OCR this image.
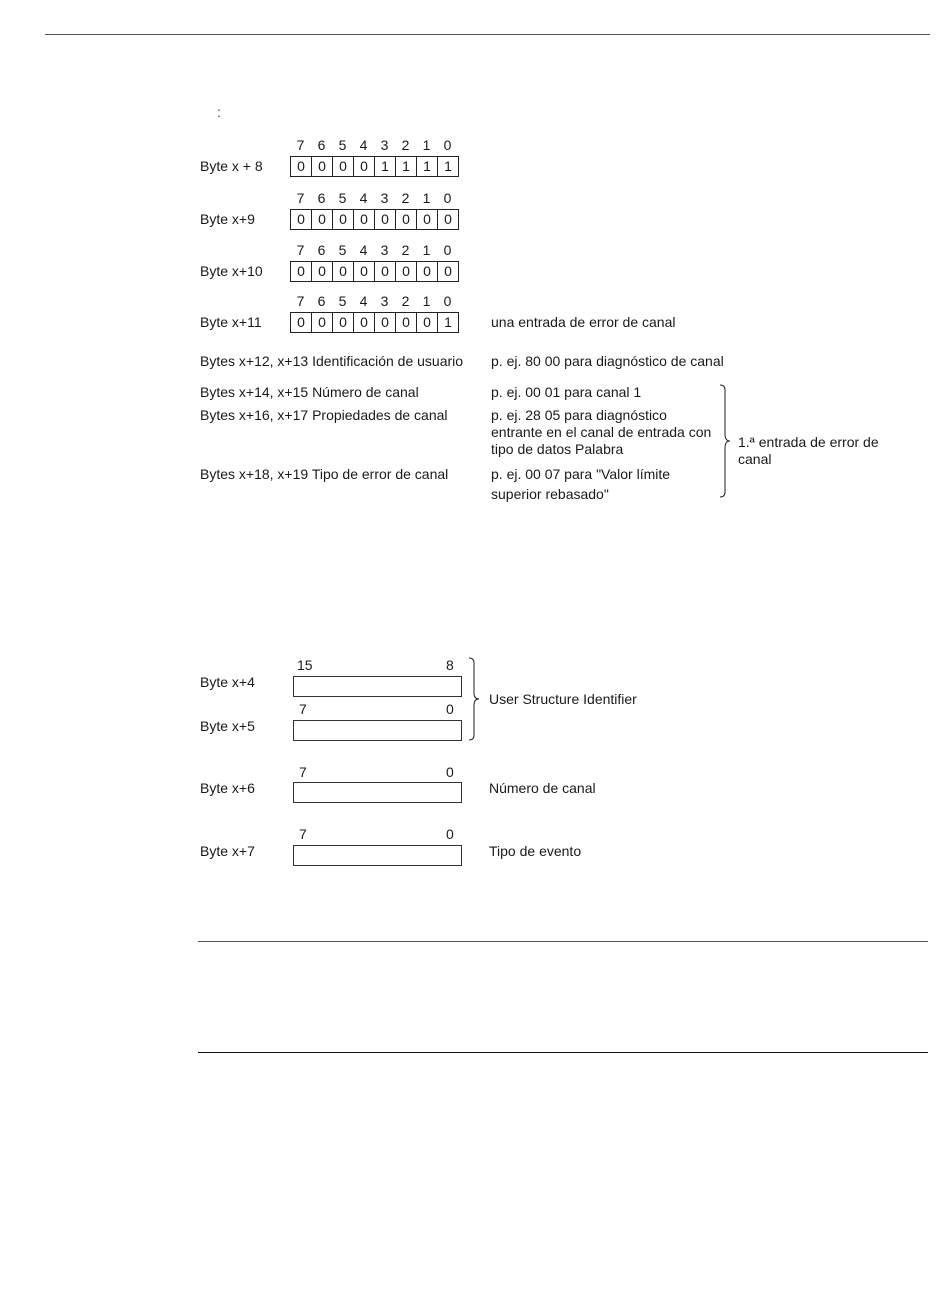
:
7 6 5 4 3 2 1 0
Byte x + 8	0 0 0 0 1 1 1 1
7 6 5 4 3 2 1 0
Byte x+9	0 0 0 0 0 0 0 0
7 6 5 4 3 2 1 0
Byte x+10	0 0 0 0 0 0 0 0
7 6 5 4 3 2 1 0
Byte x+11	0 0 0 0 0 0 0 1	una entrada de error de canal
Bytes x+12, x+13 Identificación de usuario p. ej. 80 00 para diagnóstico de canal
Bytes x+14, x+15 Número de canal	p. ej. 00 01 para canal 1
Bytes x+16, x+17 Propiedades de canal	p. ej. 28 05 para diagnóstico
entrante en el canal de entrada con
tipo de datos Palabra
Bytes x+18, x+19 Tipo de error de canal	p. ej. 00 07 para "Valor límite
superior rebasado"
1.ª entrada de error de
canal
15	8
Byte x+4
7	0
Byte x+5
User Structure Identifier
7	0
Byte x+6	Número de canal
7	0
Byte x+7	Tipo de evento
